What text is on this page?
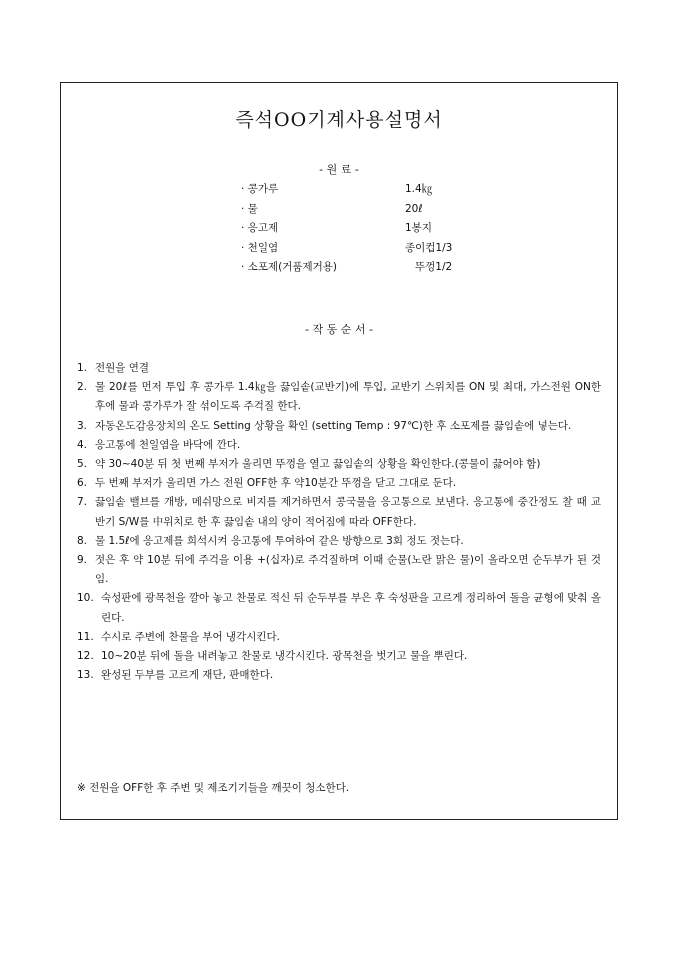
즉석OO기계사용설명서
- 원 료 -
· 콩가루	1.4㎏
· 물	20ℓ
· 응고제	1봉지
· 천일염	종이컵1/3
· 소포제(거품제거용)	뚜껑1/2
- 작 동 순 서 -
1. 전원을 연결
2. 물 20ℓ를 먼저 투입 후 콩가루 1.4㎏을 끓임솥(교반기)에 투입, 교반기 스위치를 ON 및 최대, 가스전원 ON한 후에 물과 콩가루가 잘 섞이도록 주걱질 한다.
3. 자동온도감응장치의 온도 Setting 상황을 확인 (setting Temp : 97℃)한 후 소포제를 끓임솥에 넣는다.
4. 응고통에 천일염을 바닥에 깐다.
5. 약 30~40분 뒤 첫 번째 부저가 울리면 뚜껑을 열고 끓임솥의 상황을 확인한다.(콩물이 끓어야 함)
6. 두 번째 부저가 울리면 가스 전원 OFF한 후 약10분간 뚜껑을 닫고 그대로 둔다.
7. 끓임솥 밸브를 개방, 메쉬망으로 비지를 제거하면서 콩국물을 응고통으로 보낸다. 응고통에 중간정도 찰 때 교반기 S/W를 中위치로 한 후 끓임솥 내의 양이 적어짐에 따라 OFF한다.
8. 물 1.5ℓ에 응고제를 희석시켜 응고통에 투여하여 같은 방향으로 3회 정도 젓는다.
9. 젓은 후 약 10분 뒤에 주걱을 이용 +(십자)로 주걱질하며 이때 순물(노란 맑은 물)이 올라오면 순두부가 된 것임.
10. 숙성판에 광목천을 깔아 놓고 찬물로 적신 뒤 순두부를 부은 후 숙성판을 고르게 정리하여 돌을 균형에 맞춰 올린다.
11. 수시로 주변에 찬물을 부어 냉각시킨다.
12. 10~20분 뒤에 돌을 내려놓고 찬물로 냉각시킨다. 광목천을 벗기고 물을 뿌린다.
13. 완성된 두부를 고르게 재단, 판매한다.
※ 전원을 OFF한 후 주변 및 제조기기들을 깨끗이 청소한다.
